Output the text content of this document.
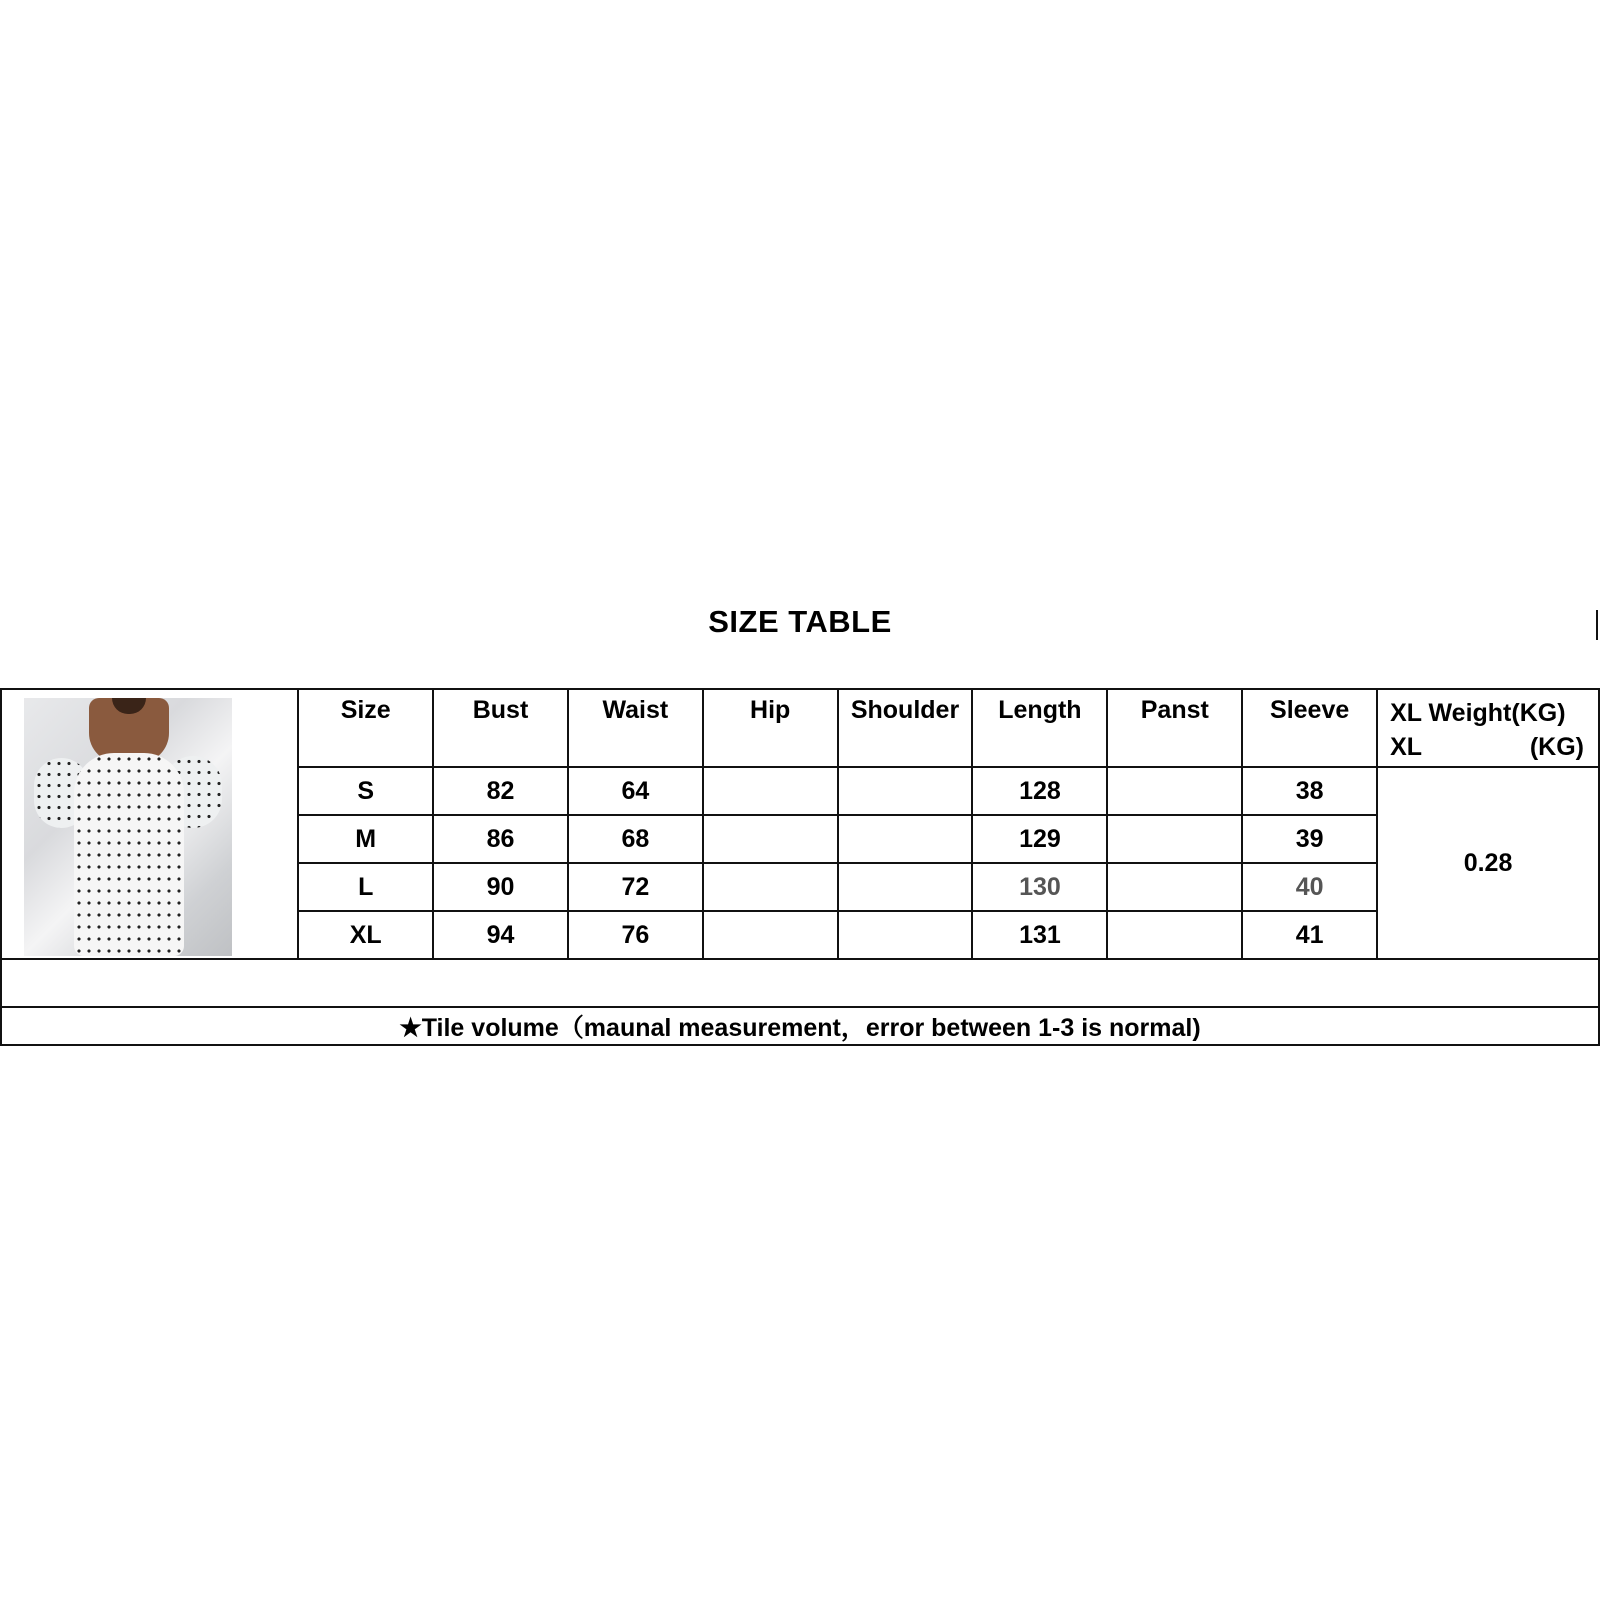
SIZE TABLE

	Size	Bust	Waist	Hip	Shoulder	Length	Panst	Sleeve	XL Weight(KG)
XL (KG)

	S	82	64			128		38	0.28
	M	86	68			129		39	
	L	90	72			130		40	
	XL	94	76			131		41	

★Tile volume（maunal measurement，error between 1-3 is normal)									
